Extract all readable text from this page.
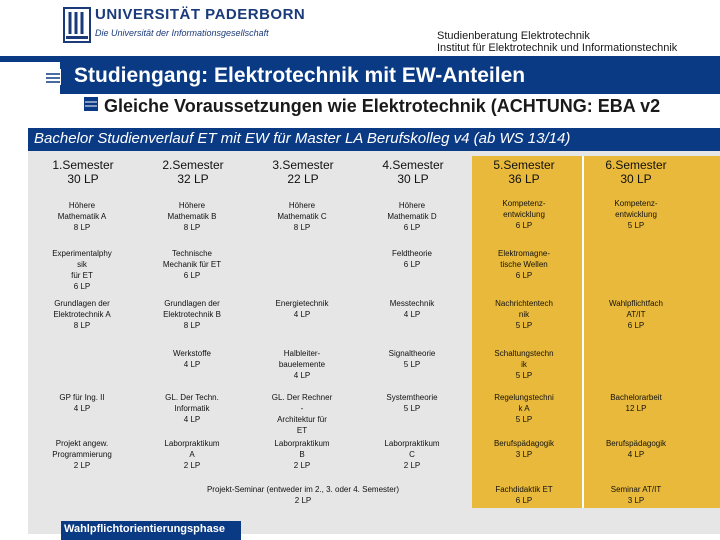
UNIVERSITÄT PADERBORN
Die Universität der Informationsgesellschaft	Studienberatung Elektrotechnik
Institut für Elektrotechnik und Informationstechnik
Studiengang: Elektrotechnik mit EW-Anteilen
Gleiche Voraussetzungen wie Elektrotechnik (ACHTUNG: EBA v2
Bachelor Studienverlauf ET mit EW für Master LA Berufskolleg v4 (ab WS 13/14)
1.Semester
30 LP
2.Semester
32 LP
3.Semester
22 LP
4.Semester
30 LP
5.Semester
36 LP
6.Semester
30 LP
Höhere
Mathematik A
8 LP
Höhere
Mathematik B
8 LP
Höhere
Mathematik C
8 LP
Höhere
Mathematik D
6 LP
Kompetenz-
entwicklung
6 LP
Kompetenz-
entwicklung
5 LP
Experimentalphy
sik
für ET
6 LP
Technische
Mechanik für ET
6 LP
Feldtheorie
6 LP
Elektromagne-
tische Wellen
6 LP
Grundlagen der
Elektrotechnik A
8 LP
Grundlagen der
Elektrotechnik B
8 LP
Energietechnik
4 LP
Messtechnik
4 LP
Nachrichtentech
nik
5 LP
Wahlpflichtfach
AT/IT
6 LP
Werkstoffe
4 LP
Halbleiter-
bauelemente
4 LP
Signaltheorie
5 LP
Schaltungstechn
ik
5 LP
GP für Ing. II
4 LP
GL. Der Techn.
Informatik
4 LP
GL. Der Rechner
-
Architektur für
ET
Systemtheorie
5 LP
Regelungstechni
k A
5 LP
Bachelorarbeit
12 LP
Projekt angew.
Programmierung
2 LP
Laborpraktikum
A
2 LP
Laborpraktikum
B
2 LP
Laborpraktikum
C
2 LP
Berufspädagogik
3 LP
Berufspädagogik
4 LP
Projekt-Seminar (entweder im 2., 3. oder 4. Semester)
2 LP
Fachdidaktik ET
6 LP
Seminar AT/IT
3 LP
Wahlpflichtorientierungsphase
